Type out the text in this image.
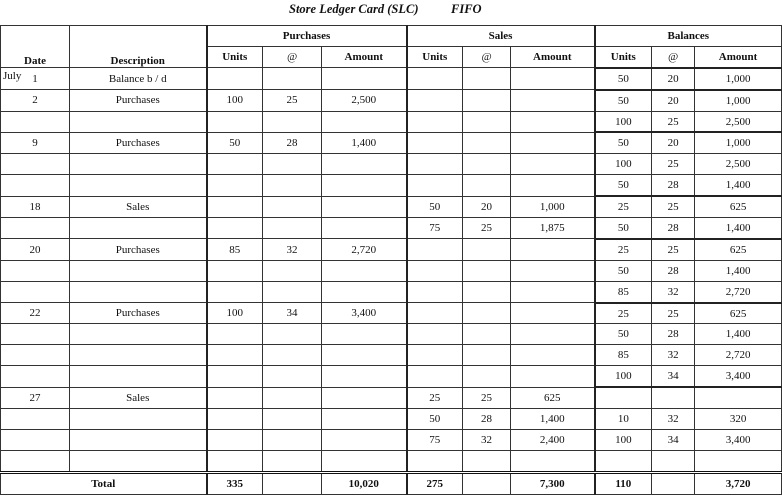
Store Ledger Card (SLC)	FIFO
Date	Description	Purchases			Sales			Balances		
		Units	@	Amount	Units	@	Amount	Units	@	Amount

July 1	Balance b / d							50	20	1,000

2	Purchases	100	25	2,500				50	20	1,000

								100	25	2,500

9	Purchases	50	28	1,400				50	20	1,000

								100	25	2,500

								50	28	1,400

18	Sales				50	20	1,000	25	25	625

					75	25	1,875	50	28	1,400

20	Purchases	85	32	2,720				25	25	625

								50	28	1,400

								85	32	2,720

22	Purchases	100	34	3,400				25	25	625

								50	28	1,400

								85	32	2,720

								100	34	3,400

27	Sales				25	25	625			

					50	28	1,400	10	32	320

					75	32	2,400	100	34	3,400

Total		335		10,020	275		7,300	110		3,720
